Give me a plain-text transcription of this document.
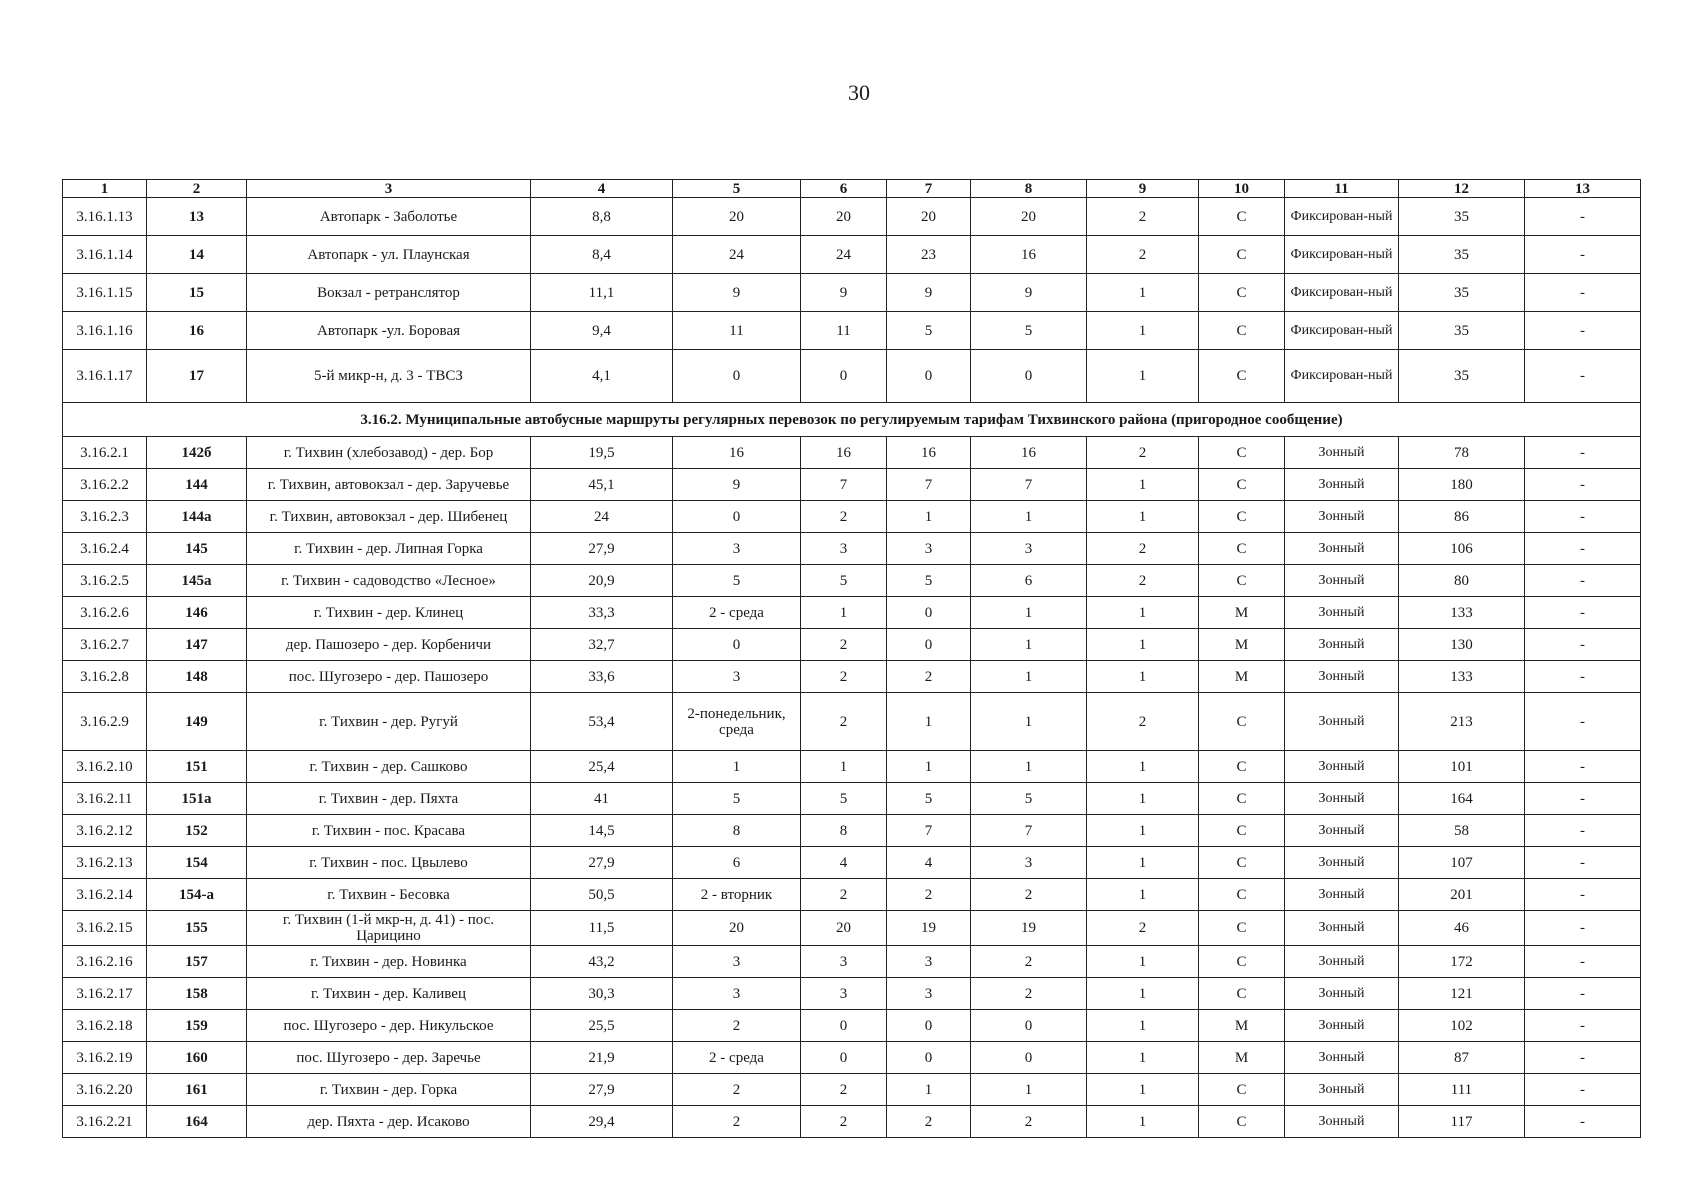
30
1	2	3	4	5	6	7	8	9	10	11	12	13
3.16.1.13	13	Автопарк - Заболотье	8,8	20	20	20	20	2	С	Фиксирован-ный	35	-
3.16.1.14	14	Автопарк - ул. Плаунская	8,4	24	24	23	16	2	С	Фиксирован-ный	35	-
3.16.1.15	15	Вокзал - ретранслятор	11,1	9	9	9	9	1	С	Фиксирован-ный	35	-
3.16.1.16	16	Автопарк -ул. Боровая	9,4	11	11	5	5	1	С	Фиксирован-ный	35	-
3.16.1.17	17	5-й микр-н, д. 3 - ТВСЗ	4,1	0	0	0	0	1	С	Фиксирован-ный	35	-
3.16.2. Муниципальные автобусные маршруты регулярных перевозок по регулируемым тарифам Тихвинского района (пригородное сообщение)												
3.16.2.1	142б	г. Тихвин (хлебозавод) - дер. Бор	19,5	16	16	16	16	2	С	Зонный	78	-
3.16.2.2	144	г. Тихвин, автовокзал - дер. Заручевье	45,1	9	7	7	7	1	С	Зонный	180	-
3.16.2.3	144а	г. Тихвин, автовокзал - дер. Шибенец	24	0	2	1	1	1	С	Зонный	86	-
3.16.2.4	145	г. Тихвин - дер. Липная Горка	27,9	3	3	3	3	2	С	Зонный	106	-
3.16.2.5	145а	г. Тихвин - садоводство «Лесное»	20,9	5	5	5	6	2	С	Зонный	80	-
3.16.2.6	146	г. Тихвин - дер. Клинец	33,3	2 - среда	1	0	1	1	М	Зонный	133	-
3.16.2.7	147	дер. Пашозеро - дер. Корбеничи	32,7	0	2	0	1	1	М	Зонный	130	-
3.16.2.8	148	пос. Шугозеро - дер. Пашозеро	33,6	3	2	2	1	1	М	Зонный	133	-
3.16.2.9	149	г. Тихвин - дер. Ругуй	53,4	2-понедельник, среда	2	1	1	2	С	Зонный	213	-
3.16.2.10	151	г. Тихвин - дер. Сашково	25,4	1	1	1	1	1	С	Зонный	101	-
3.16.2.11	151а	г. Тихвин - дер. Пяхта	41	5	5	5	5	1	С	Зонный	164	-
3.16.2.12	152	г. Тихвин - пос. Красава	14,5	8	8	7	7	1	С	Зонный	58	-
3.16.2.13	154	г. Тихвин - пос. Цвылево	27,9	6	4	4	3	1	С	Зонный	107	-
3.16.2.14	154-а	г. Тихвин - Бесовка	50,5	2 - вторник	2	2	2	1	С	Зонный	201	-
3.16.2.15	155	г. Тихвин (1-й мкр-н, д. 41) - пос. Царицино	11,5	20	20	19	19	2	С	Зонный	46	-
3.16.2.16	157	г. Тихвин - дер. Новинка	43,2	3	3	3	2	1	С	Зонный	172	-
3.16.2.17	158	г. Тихвин - дер. Каливец	30,3	3	3	3	2	1	С	Зонный	121	-
3.16.2.18	159	пос. Шугозеро - дер. Никульское	25,5	2	0	0	0	1	М	Зонный	102	-
3.16.2.19	160	пос. Шугозеро - дер. Заречье	21,9	2 - среда	0	0	0	1	М	Зонный	87	-
3.16.2.20	161	г. Тихвин - дер. Горка	27,9	2	2	1	1	1	С	Зонный	111	-
3.16.2.21	164	дер. Пяхта - дер. Исаково	29,4	2	2	2	2	1	С	Зонный	117	-
